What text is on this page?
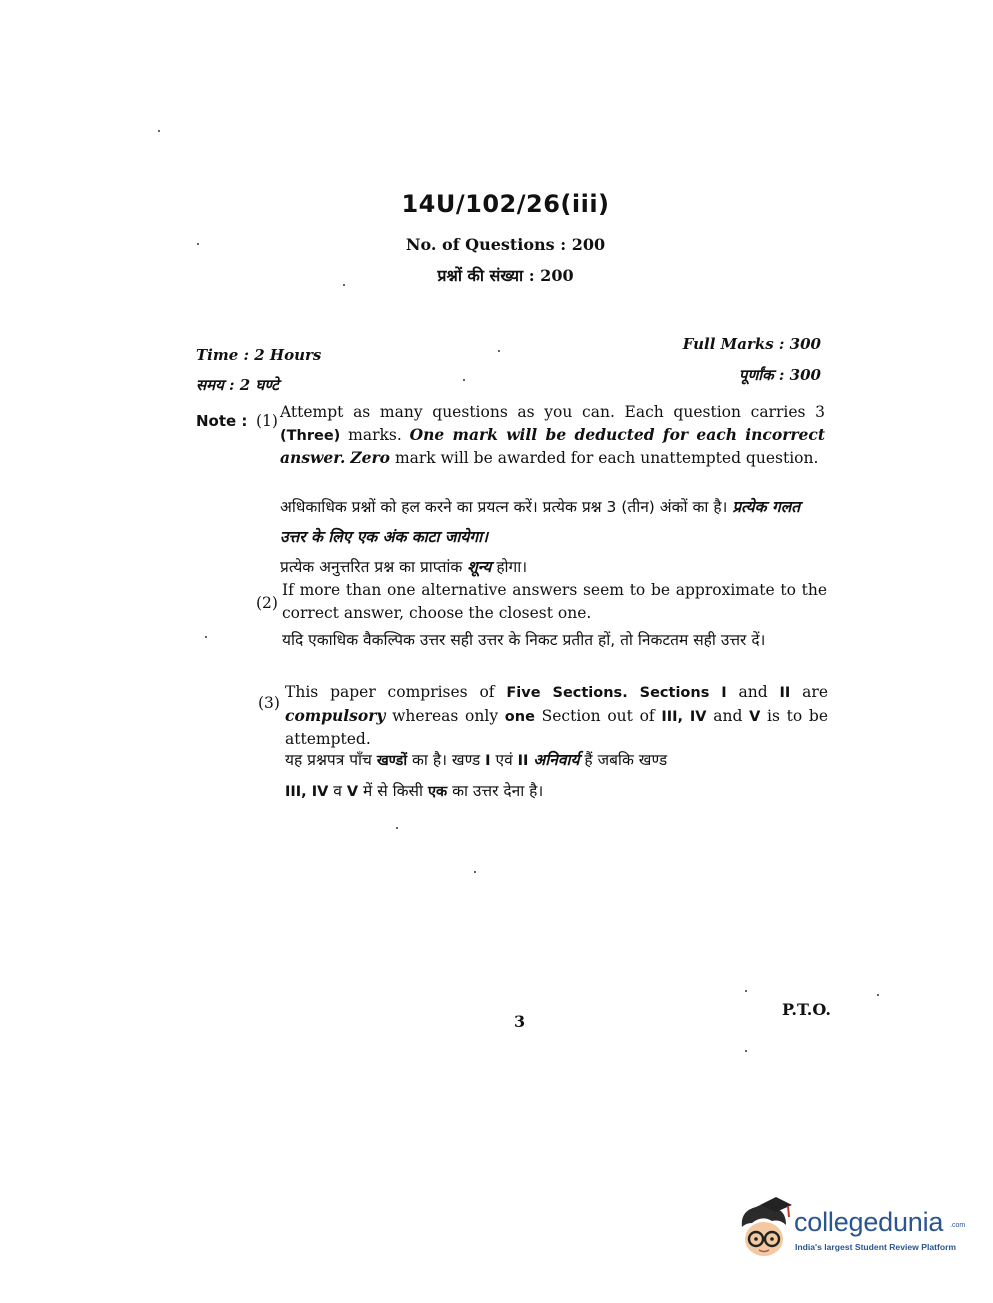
14U/102/26(iii)
No. of Questions : 200
प्रश्नों की संख्या : 200
Time : 2 Hours
समय : 2 घण्टे
Full Marks : 300
पूर्णांक : 300
Note : (1) Attempt as many questions as you can. Each question carries 3 (Three) marks. One mark will be deducted for each incorrect answer. Zero mark will be awarded for each unattempted question.
अधिकाधिक प्रश्नों को हल करने का प्रयत्न करें। प्रत्येक प्रश्न 3 (तीन) अंकों का है। प्रत्येक गलत उत्तर के लिए एक अंक काटा जायेगा।
प्रत्येक अनुत्तरित प्रश्न का प्राप्तांक शून्य होगा।
(2)
If more than one alternative answers seem to be approximate to the correct answer, choose the closest one.
यदि एकाधिक वैकल्पिक उत्तर सही उत्तर के निकट प्रतीत हों, तो निकटतम सही उत्तर दें।
(3)
This paper comprises of Five Sections. Sections I and II are compulsory whereas only one Section out of III, IV and V is to be attempted.
यह प्रश्नपत्र पाँच खण्डों का है। खण्ड I एवं II अनिवार्य हैं जबकि खण्ड
III, IV व V में से किसी एक का उत्तर देना है।
3
P.T.O.
collegedunia .com
India's largest Student Review Platform
